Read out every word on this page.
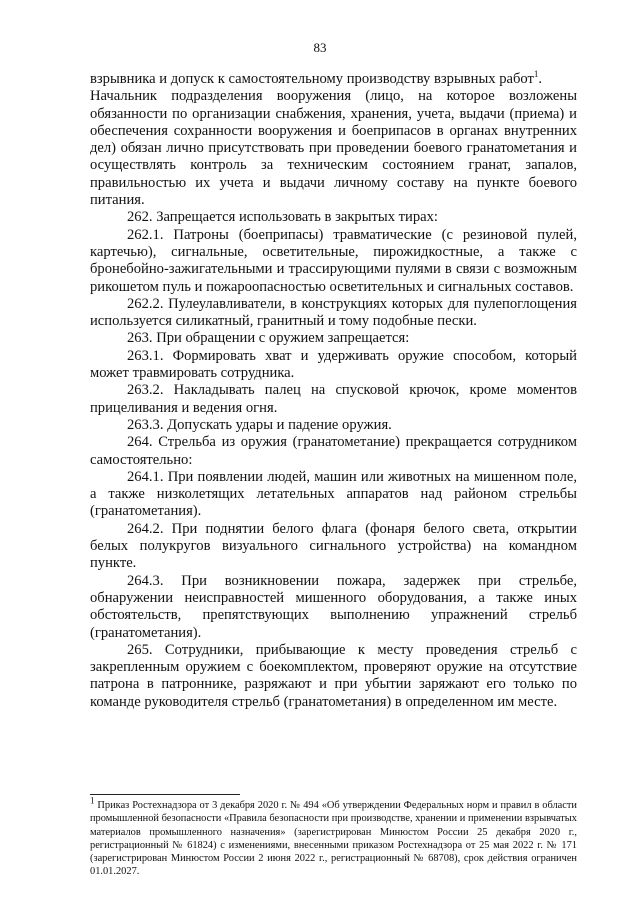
83

взрывника и допуск к самостоятельному производству взрывных работ$^1$.

Начальник подразделения вооружения (лицо, на которое возложены обязанности по организации снабжения, хранения, учета, выдачи (приема) и обеспечения сохранности вооружения и боеприпасов в органах внутренних дел) обязан лично присутствовать при проведении боевого гранатометания и осуществлять контроль за техническим состоянием гранат, запалов, правильностью их учета и выдачи личному составу на пункте боевого питания.

262. Запрещается использовать в закрытых тирах:

262.1. Патроны (боеприпасы) травматические (с резиновой пулей, картечью), сигнальные, осветительные, пирожидкостные, а также с бронебойно-зажигательными и трассирующими пулями в связи с возможным рикошетом пуль и пожароопасностью осветительных и сигнальных составов.

262.2. Пулеулавливатели, в конструкциях которых для пулепоглощения используется силикатный, гранитный и тому подобные пески.

263. При обращении с оружием запрещается:

263.1. Формировать хват и удерживать оружие способом, который может травмировать сотрудника.

263.2. Накладывать палец на спусковой крючок, кроме моментов прицеливания и ведения огня.

263.3. Допускать удары и падение оружия.

264. Стрельба из оружия (гранатометание) прекращается сотрудником самостоятельно:

264.1. При появлении людей, машин или животных на мишенном поле, а также низколетящих летательных аппаратов над районом стрельбы (гранатометания).

264.2. При поднятии белого флага (фонаря белого света, открытии белых полукругов визуального сигнального устройства) на командном пункте.

264.3. При возникновении пожара, задержек при стрельбе, обнаружении неисправностей мишенного оборудования, а также иных обстоятельств, препятствующих выполнению упражнений стрельб (гранатометания).

265. Сотрудники, прибывающие к месту проведения стрельб с закрепленным оружием с боекомплектом, проверяют оружие на отсутствие патрона в патроннике, разряжают и при убытии заряжают его только по команде руководителя стрельб (гранатометания) в определенном им месте.

$^1$ Приказ Ростехнадзора от 3 декабря 2020 г. № 494 «Об утверждении Федеральных норм и правил в области промышленной безопасности «Правила безопасности при производстве, хранении и применении взрывчатых материалов промышленного назначения» (зарегистрирован Минюстом России 25 декабря 2020 г., регистрационный № 61824) с изменениями, внесенными приказом Ростехнадзора от 25 мая 2022 г. № 171 (зарегистрирован Минюстом России 2 июня 2022 г., регистрационный № 68708), срок действия ограничен 01.01.2027.
